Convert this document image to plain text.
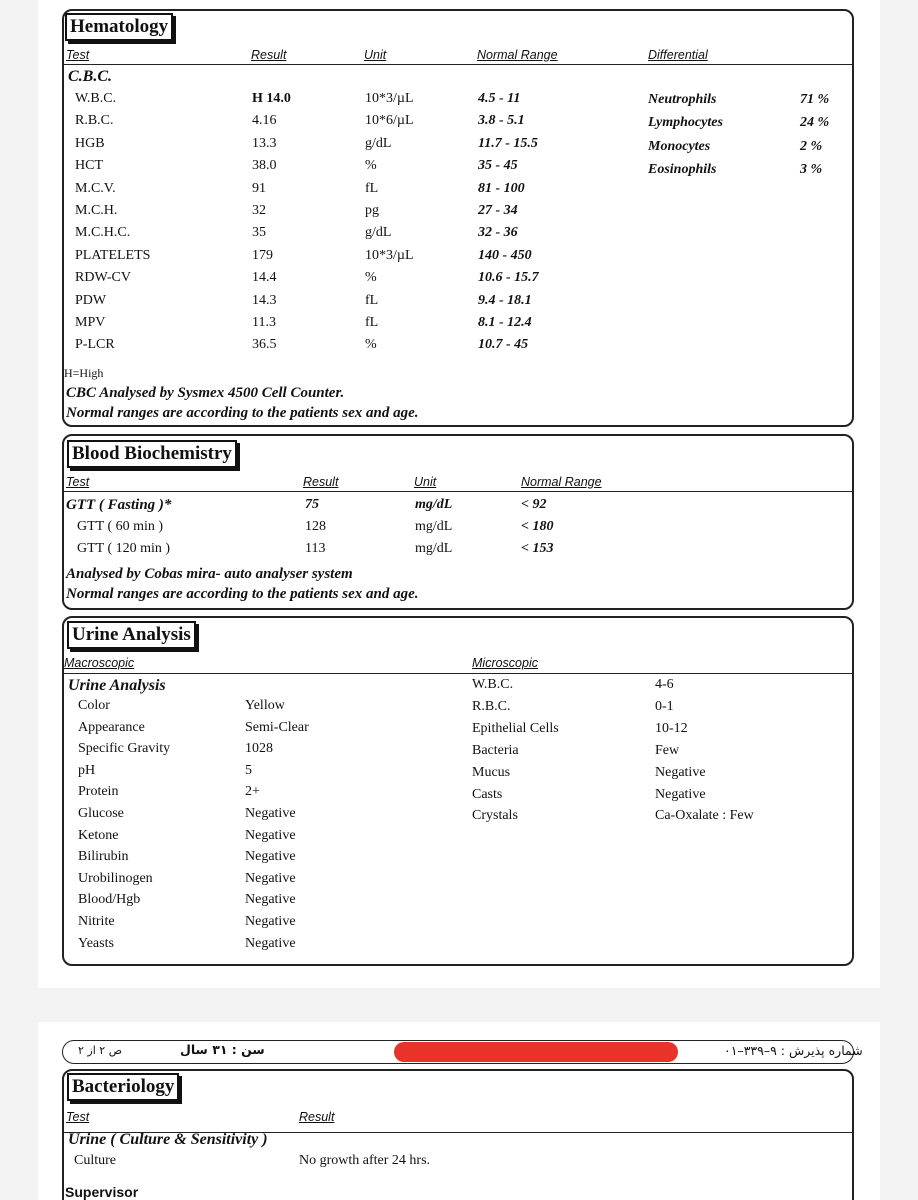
Hematology
Test	Result	Unit	Normal Range	Differential
C.B.C.
W.B.C.	H 14.0	10*3/µL	4.5 - 11
R.B.C.	4.16	10*6/µL	3.8 - 5.1
HGB	13.3	g/dL	11.7 - 15.5
HCT	38.0	%	35 - 45
M.C.V.	91	fL	81 - 100
M.C.H.	32	pg	27 - 34
M.C.H.C.	35	g/dL	32 - 36
PLATELETS	179	10*3/µL	140 - 450
RDW-CV	14.4	%	10.6 - 15.7
PDW	14.3	fL	9.4 - 18.1
MPV	11.3	fL	8.1 - 12.4
P-LCR	36.5	%	10.7 - 45
Neutrophils	71 %
Lymphocytes	24 %
Monocytes	2 %
Eosinophils	3 %
H=High
CBC Analysed by Sysmex 4500 Cell Counter.
Normal ranges are according to the patients sex and age.
Blood Biochemistry
Test	Result	Unit	Normal Range
GTT ( Fasting )*	75	mg/dL	< 92
GTT ( 60 min )	128	mg/dL	< 180
GTT ( 120 min )	113	mg/dL	< 153
Analysed by Cobas mira- auto analyser system
Normal ranges are according to the patients sex and age.
Urine Analysis
Macroscopic	Microscopic
Urine Analysis
Color	Yellow
Appearance	Semi-Clear
Specific Gravity	1028
pH	5
Protein	2+
Glucose	Negative
Ketone	Negative
Bilirubin	Negative
Urobilinogen	Negative
Blood/Hgb	Negative
Nitrite	Negative
Yeasts	Negative
W.B.C.	4-6
R.B.C.	0-1
Epithelial Cells	10-12
Bacteria	Few
Mucus	Negative
Casts	Negative
Crystals	Ca-Oxalate : Few
ص ۲ از ۲	سن : ۳۱ سال	شماره پذیرش : ۹–۳۳۹–۰۱
Bacteriology
Test	Result
Urine ( Culture & Sensitivity )
Culture	No growth after 24 hrs.
Supervisor
